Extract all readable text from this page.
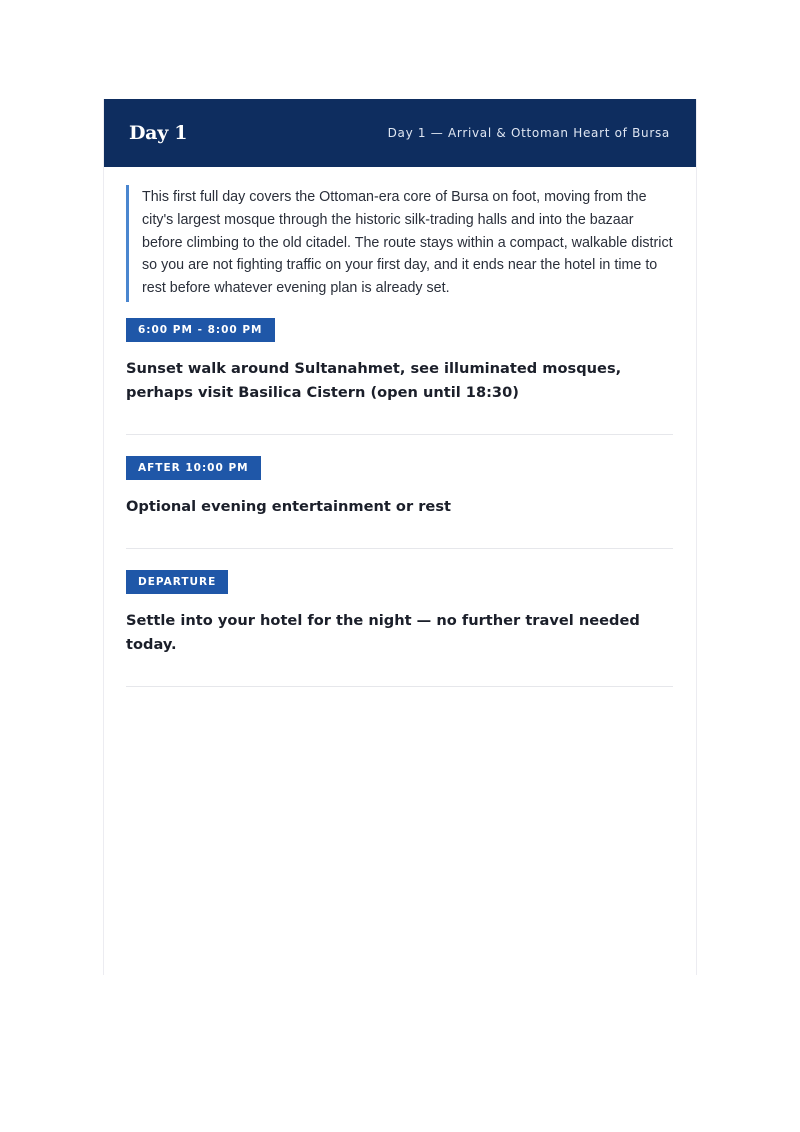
Day 1	Day 1 — Arrival & Ottoman Heart of Bursa
This first full day covers the Ottoman-era core of Bursa on foot, moving from the city's largest mosque through the historic silk-trading halls and into the bazaar before climbing to the old citadel. The route stays within a compact, walkable district so you are not fighting traffic on your first day, and it ends near the hotel in time to rest before whatever evening plan is already set.
6:00 PM - 8:00 PM
Sunset walk around Sultanahmet, see illuminated mosques, perhaps visit Basilica Cistern (open until 18:30)
AFTER 10:00 PM
Optional evening entertainment or rest
DEPARTURE
Settle into your hotel for the night — no further travel needed today.
